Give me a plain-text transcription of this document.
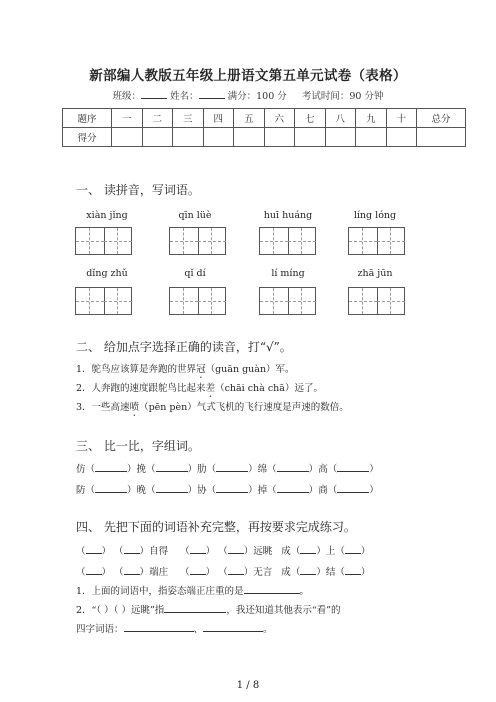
新部编人教版五年级上册语文第五单元试卷（表格）
班级：	姓名：	满分：100 分 考试时间：90 分钟
题序	一	二	三	四	五	六	七	八	九	十	总分
得分											
一、 读拼音，写词语。
xiàn jǐng	qīn lüè	huī huáng	líng lóng
dǐng zhǔ	qǐ dí	lí míng	zhā jūn
二、 给加点字选择正确的读音，打“√”。
1．鸵鸟应该算是奔跑的世界冠（guān guàn）军。
2．人奔跑的速度跟鸵鸟比起来差（chāi chà chā）远了。
3．一些高速喷（pēn pèn）气式飞机的飞行速度是声速的数倍。
三、 比一比，字组词。
仿（	）挽（	）肋（	）绵（	）高（	）
防（	）晚（	）协（	）掉（	）商（	）
四、 先把下面的词语补充完整，再按要求完成练习。
（ ） （ ）自得    （ ） （ ）远眺 成（ ）上（ ）
（ ） （ ）端庄    （ ） （ ）无言 成（ ）结（ ）
1．上面的词语中，指姿态端正庄重的是	。
2．“（ ）（ ）远眺”指	，我还知道其他表示“看”的
四字词语：	、	。
1 / 8
